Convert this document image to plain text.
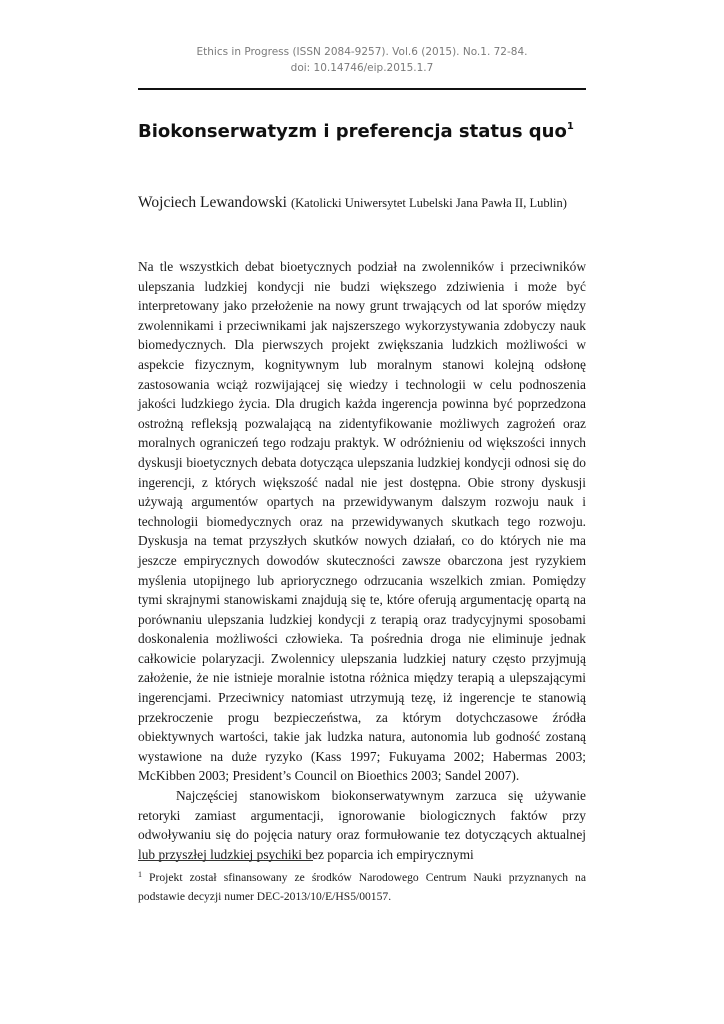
Ethics in Progress (ISSN 2084-9257). Vol.6 (2015). No.1. 72-84.
doi: 10.14746/eip.2015.1.7
Biokonserwatyzm i preferencja status quo$^1$
Wojciech Lewandowski (Katolicki Uniwersytet Lubelski Jana Pawła II, Lublin)

Na tle wszystkich debat bioetycznych podział na zwolenników i przeciwników ulepszania ludzkiej kondycji nie budzi większego zdziwienia i może być interpretowany jako przełożenie na nowy grunt trwających od lat sporów między zwolennikami i przeciwnikami jak najszerszego wykorzystywania zdobyczy nauk biomedycznych. Dla pierwszych projekt zwiększania ludzkich możliwości w aspekcie fizycznym, kognitywnym lub moralnym stanowi kolejną odsłonę zastosowania wciąż rozwijającej się wiedzy i technologii w celu podnoszenia jakości ludzkiego życia. Dla drugich każda ingerencja powinna być poprzedzona ostrożną refleksją pozwalającą na zidentyfikowanie możliwych zagrożeń oraz moralnych ograniczeń tego rodzaju praktyk. W odróżnieniu od większości innych dyskusji bioetycznych debata dotycząca ulepszania ludzkiej kondycji odnosi się do ingerencji, z których większość nadal nie jest dostępna. Obie strony dyskusji używają argumentów opartych na przewidywanym dalszym rozwoju nauk i technologii biomedycznych oraz na przewidywanych skutkach tego rozwoju. Dyskusja na temat przyszłych skutków nowych działań, co do których nie ma jeszcze empirycznych dowodów skuteczności zawsze obarczona jest ryzykiem myślenia utopijnego lub apriorycznego odrzucania wszelkich zmian. Pomiędzy tymi skrajnymi stanowiskami znajdują się te, które oferują argumentację opartą na porównaniu ulepszania ludzkiej kondycji z terapią oraz tradycyjnymi sposobami doskonalenia możliwości człowieka. Ta pośrednia droga nie eliminuje jednak całkowicie polaryzacji. Zwolennicy ulepszania ludzkiej natury często przyjmują założenie, że nie istnieje moralnie istotna różnica między terapią a ulepszającymi ingerencjami. Przeciwnicy natomiast utrzymują tezę, iż ingerencje te stanowią przekroczenie progu bezpieczeństwa, za którym dotychczasowe źródła obiektywnych wartości, takie jak ludzka natura, autonomia lub godność zostaną wystawione na duże ryzyko (Kass 1997; Fukuyama 2002; Habermas 2003; McKibben 2003; President’s Council on Bioethics 2003; Sandel 2007).

Najczęściej stanowiskom biokonserwatywnym zarzuca się używanie retoryki zamiast argumentacji, ignorowanie biologicznych faktów przy odwoływaniu się do pojęcia natury oraz formułowanie tez dotyczących aktualnej lub przyszłej ludzkiej psychiki bez poparcia ich empirycznymi

$^1$ Projekt został sfinansowany ze środków Narodowego Centrum Nauki przyznanych na podstawie decyzji numer DEC-2013/10/E/HS5/00157.
